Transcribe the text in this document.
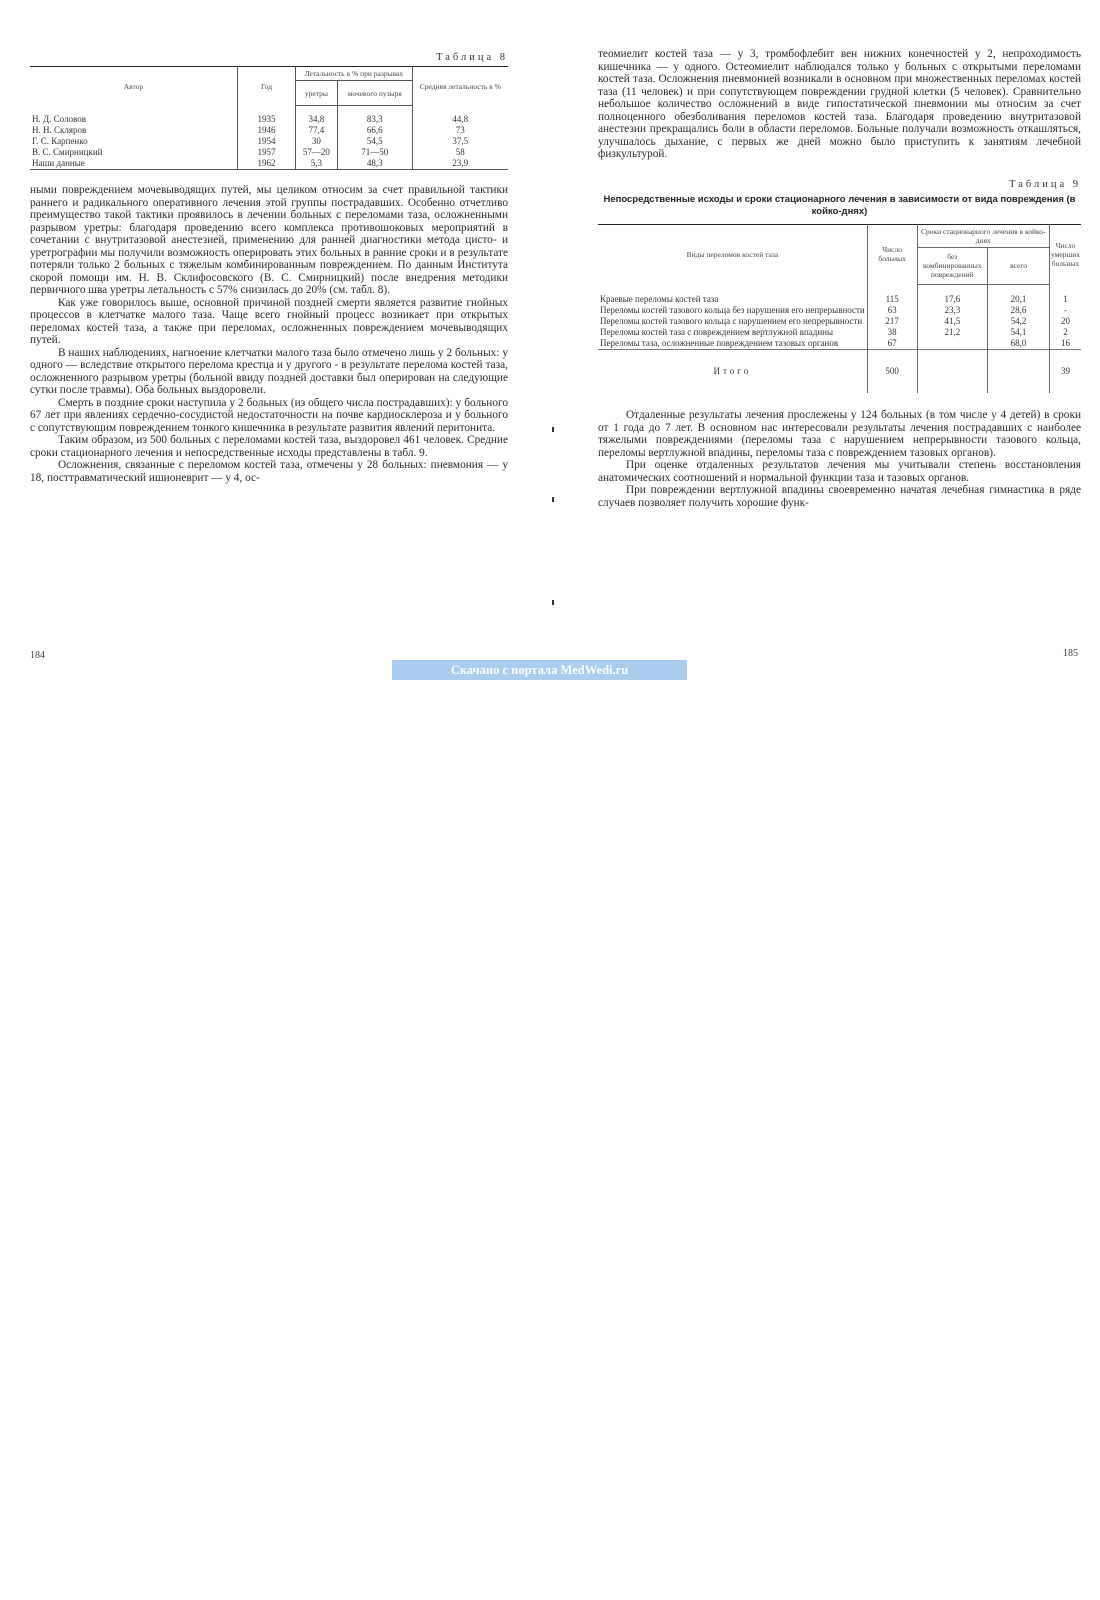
Таблица 8

Автор	Год	Летальность в % при разрывах		Средняя летальность в %
		уретры	мочевого пузыря	
Н. Д. Соловов	1935	34,8	83,3	44,8
Н. Н. Скляров	1946	77,4	66,6	73
Г. С. Карпенко	1954	30	54,5	37,5
В. С. Смирницкий	1957	57—20	71—50	58
Наши данные	1962	5,3	48,3	23,9

ными повреждением мочевыводящих путей, мы целиком относим за счет правильной тактики раннего и радикального оперативного лечения этой группы пострадавших. Особенно отчетливо преимущество такой тактики проявилось в лечении больных с переломами таза, осложненными разрывом уретры: благодаря проведению всего комплекса противошоковых мероприятий в сочетании с внутритазовой анестезией, применению для ранней диагностики метода цисто- и уретрографии мы получили возможность оперировать этих больных в ранние сроки и в результате потеряли только 2 больных с тяжелым комбинированным повреждением. По данным Института скорой помощи им. Н. В. Склифосовского (В. С. Смирницкий) после внедрения методики первичного шва уретры летальность с 57% снизилась до 20% (см. табл. 8).

Как уже говорилось выше, основной причиной поздней смерти является развитие гнойных процессов в клетчатке малого таза. Чаще всего гнойный процесс возникает при открытых переломах костей таза, а также при переломах, осложненных повреждением мочевыводящих путей.

В наших наблюдениях, нагноение клетчатки малого таза было отмечено лишь у 2 больных: у одного — вследствие открытого перелома крестца и у другого - в результате перелома костей таза, осложненного разрывом уретры (больной ввиду поздней доставки был оперирован на следующие сутки после травмы). Оба больных выздоровели.

Смерть в поздние сроки наступила у 2 больных (из общего числа пострадавших): у больного 67 лет при явлениях сердечно-сосудистой недостаточности на почве кардиосклероза и у больного с сопутствующим повреждением тонкого кишечника в результате развития явлений перитонита.

Таким образом, из 500 больных с переломами костей таза, выздоровел 461 человек. Средние сроки стационарного лечения и непосредственные исходы представлены в табл. 9.

Осложнения, связанные с переломом костей таза, отмечены у 28 больных: пневмония — у 18, посттравматический ишионеврит — у 4, ос-

184

теомиелит костей таза — у 3, тромбофлебит вен нижних конечностей у 2, непроходимость кишечника — у одного. Остеомиелит наблюдался только у больных с открытыми переломами костей таза. Осложнения пневмонией возникали в основном при множественных переломах костей таза (11 человек) и при сопутствующем повреждении грудной клетки (5 человек). Сравнительно небольшое количество осложнений в виде гипостатической пневмонии мы относим за счет полноценного обезболивания переломов костей таза. Благодаря проведению внутритазовой анестезии прекращались боли в области переломов. Больные получали возможность откашляться, улучшалось дыхание, с первых же дней можно было приступить к занятиям лечебной физкультурой.

Таблица 9

Непосредственные исходы и сроки стационарного лечения в зависимости от вида повреждения (в койко-днях)
Виды переломов костей таза	Число больных	Сроки стационарного лечения в койко-днях		Число умерших больных
		без комбинированных повреждений	всего	
Краевые переломы костей таза	115	17,6	20,1	1
Переломы костей тазового кольца без нарушения его непрерывности	63	23,3	28,6	-
Переломы костей тазового кольца с нарушением его непрерывности	217	41,5	54,2	20
Переломы костей таза с повреждением вертлужной впадины	38	21,2	54,1	2
Переломы таза, осложненные повреждением тазовых органов	67		68,0	16
Итого	500			39

Отдаленные результаты лечения прослежены у 124 больных (в том числе у 4 детей) в сроки от 1 года до 7 лет. В основном нас интересовали результаты лечения пострадавших с наиболее тяжелыми повреждениями (переломы таза с нарушением непрерывности тазового кольца, переломы вертлужной впадины, переломы таза с повреждением тазовых органов).

При оценке отдаленных результатов лечения мы учитывали степень восстановления анатомических соотношений и нормальной функции таза и тазовых органов.

При повреждении вертлужной впадины своевременно начатая лечебная гимнастика в ряде случаев позволяет получить хорошие функ-

185
Скачано с портала MedWedi.ru
